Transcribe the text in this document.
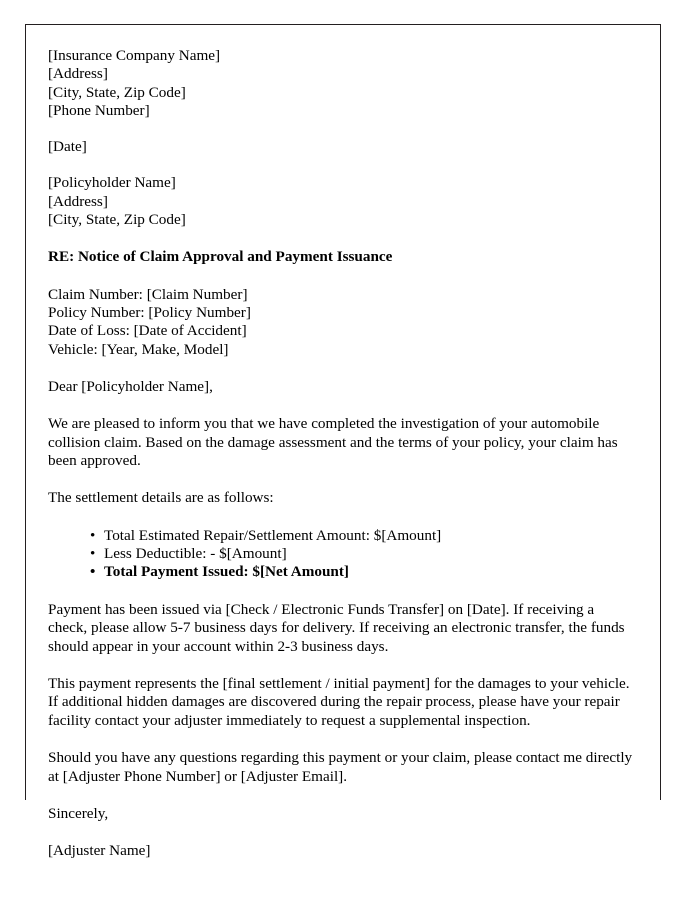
[Insurance Company Name]
[Address]
[City, State, Zip Code]
[Phone Number]
[Date]
[Policyholder Name]
[Address]
[City, State, Zip Code]
RE: Notice of Claim Approval and Payment Issuance
Claim Number: [Claim Number]
Policy Number: [Policy Number]
Date of Loss: [Date of Accident]
Vehicle: [Year, Make, Model]

Dear [Policyholder Name],

We are pleased to inform you that we have completed the investigation of your automobile collision claim. Based on the damage assessment and the terms of your policy, your claim has been approved.

The settlement details are as follows:

• Total Estimated Repair/Settlement Amount: $[Amount]
• Less Deductible: - $[Amount]
• Total Payment Issued: $[Net Amount]

Payment has been issued via [Check / Electronic Funds Transfer] on [Date]. If receiving a check, please allow 5-7 business days for delivery. If receiving an electronic transfer, the funds should appear in your account within 2-3 business days.

This payment represents the [final settlement / initial payment] for the damages to your vehicle. If additional hidden damages are discovered during the repair process, please have your repair facility contact your adjuster immediately to request a supplemental inspection.

Should you have any questions regarding this payment or your claim, please contact me directly at [Adjuster Phone Number] or [Adjuster Email].

Sincerely,
[Adjuster Name]
